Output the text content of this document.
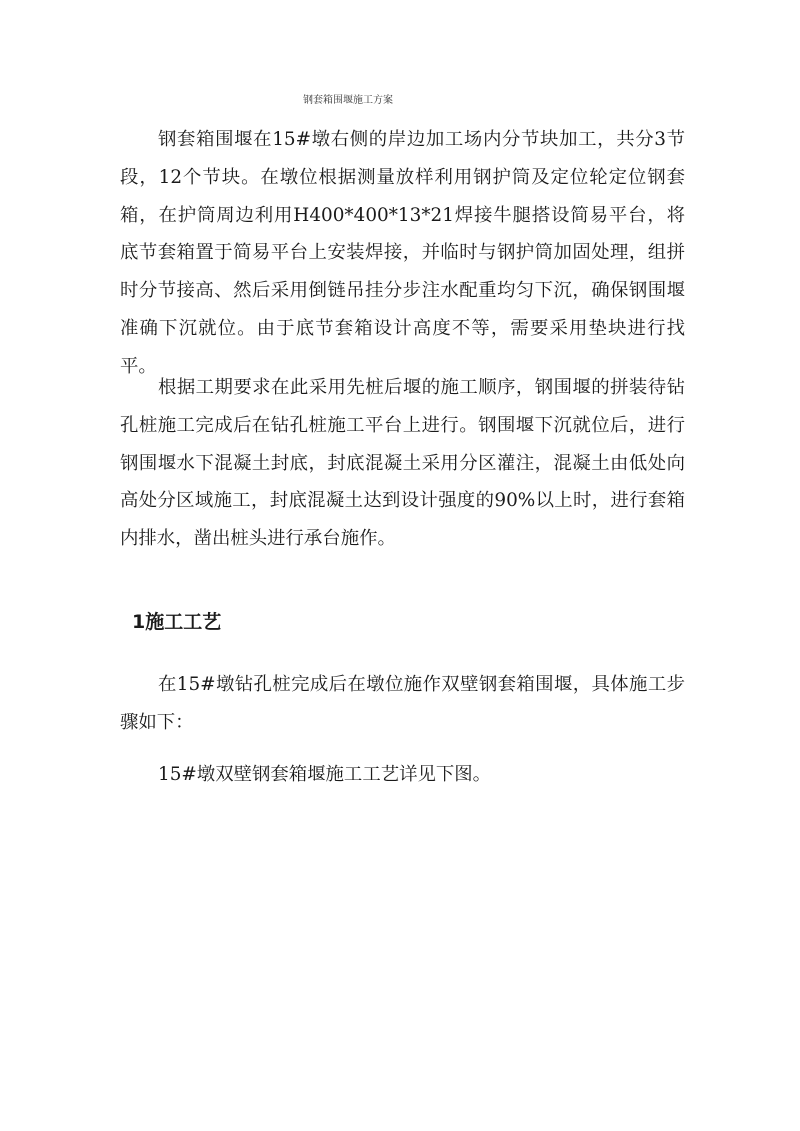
钢套箱围堰施工方案

钢套箱围堰在15#墩右侧的岸边加工场内分节块加工，共分3节段，12个节块。在墩位根据测量放样利用钢护筒及定位轮定位钢套箱，在护筒周边利用H400*400*13*21焊接牛腿搭设简易平台，将底节套箱置于简易平台上安装焊接，并临时与钢护筒加固处理，组拼时分节接高、然后采用倒链吊挂分步注水配重均匀下沉，确保钢围堰准确下沉就位。由于底节套箱设计高度不等，需要采用垫块进行找平。

根据工期要求在此采用先桩后堰的施工顺序，钢围堰的拼装待钻孔桩施工完成后在钻孔桩施工平台上进行。钢围堰下沉就位后，进行钢围堰水下混凝土封底，封底混凝土采用分区灌注，混凝土由低处向高处分区域施工，封底混凝土达到设计强度的90%以上时，进行套箱内排水，凿出桩头进行承台施作。

1施工工艺

在15#墩钻孔桩完成后在墩位施作双壁钢套箱围堰，具体施工步骤如下：

15#墩双壁钢套箱堰施工工艺详见下图。
